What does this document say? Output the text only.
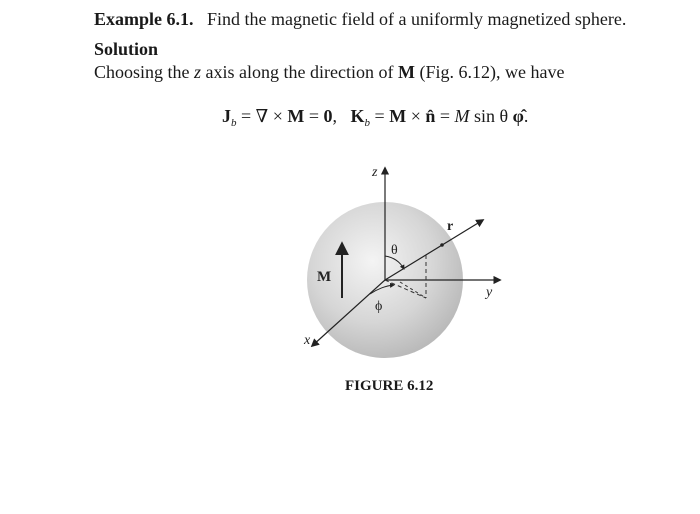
Example 6.1. Find the magnetic field of a uniformly magnetized sphere.
Solution
Choosing the z axis along the direction of M (Fig. 6.12), we have
$J_b$ = ∇ × M = 0,   $K_b = M$ × n̂ = M sin θ φ̂.
z
y
x
r
θ
ϕ
M
FIGURE 6.12
